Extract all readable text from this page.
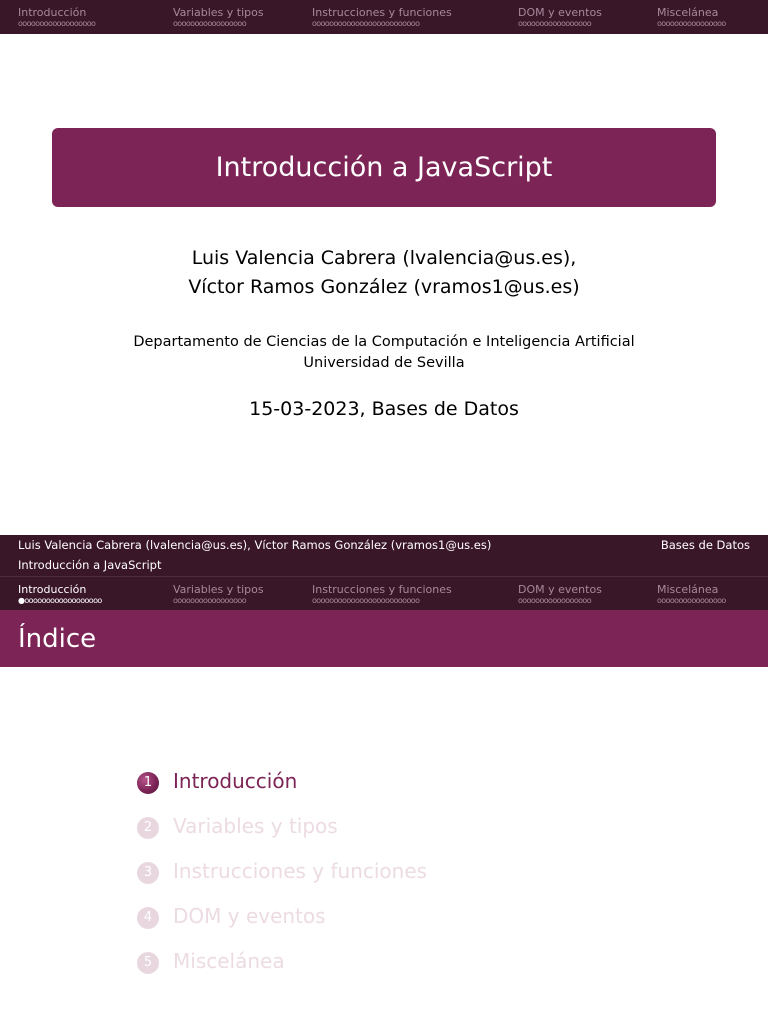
Introducción	Variables y tipos	Instrucciones y funciones	DOM y eventos	Miscelánea
oooooooooooooooooo	ooooooooooooooooo	ooooooooooooooooooooooooo	ooooooooooooooooo	oooooooooooooooo
Introducción a JavaScript
Luis Valencia Cabrera (lvalencia@us.es),
Víctor Ramos González (vramos1@us.es)
Departamento de Ciencias de la Computación e Inteligencia Artificial
Universidad de Sevilla
15-03-2023, Bases de Datos
Luis Valencia Cabrera (lvalencia@us.es), Víctor Ramos González (vramos1@us.es)	Bases de Datos
Introducción a JavaScript
Introducción	Variables y tipos	Instrucciones y funciones	DOM y eventos	Miscelánea
●oooooooooooooooooo	ooooooooooooooooo	ooooooooooooooooooooooooo	ooooooooooooooooo	oooooooooooooooo
Índice
1	Introducción
2	Variables y tipos
3	Instrucciones y funciones
4	DOM y eventos
5	Miscelánea
